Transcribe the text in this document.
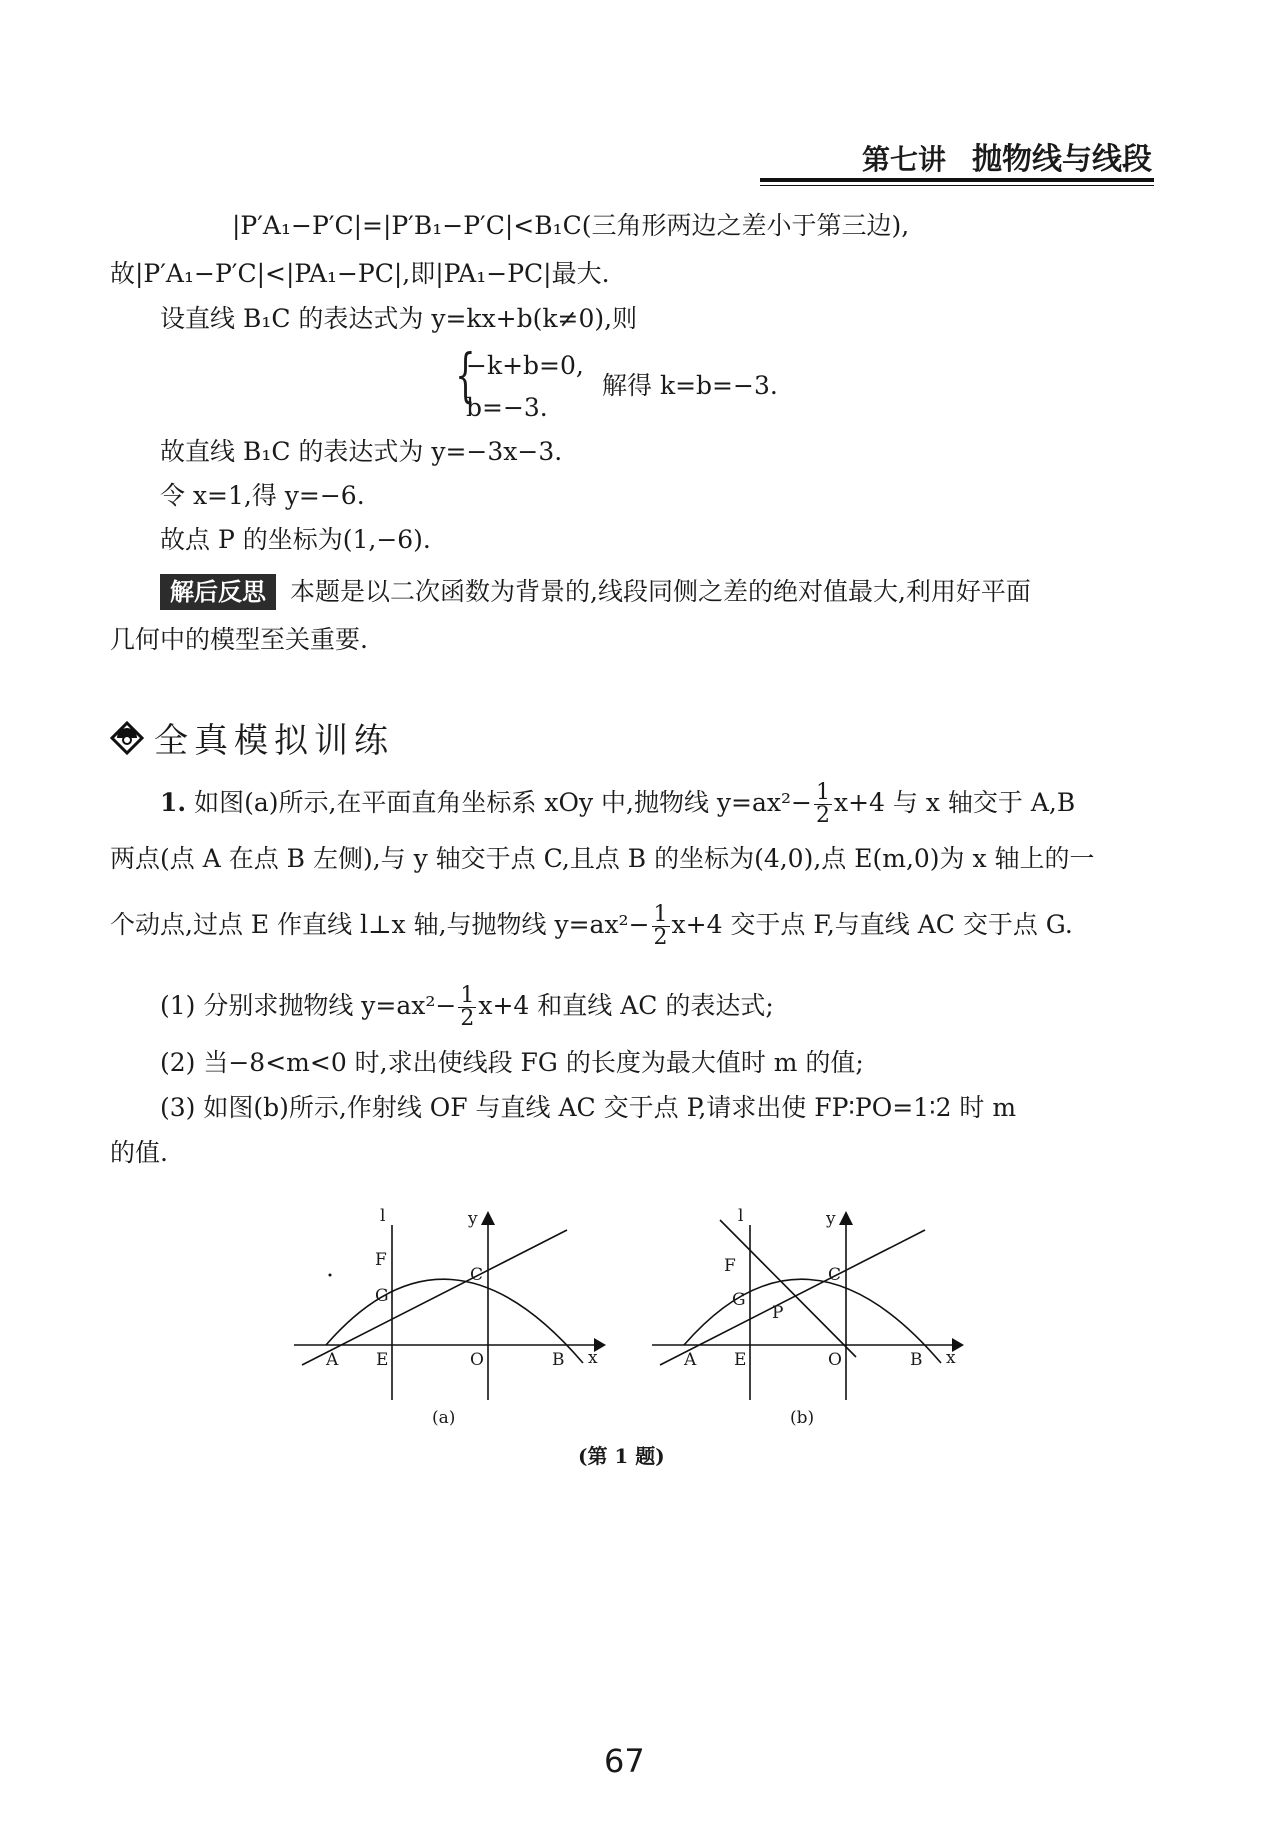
第七讲 抛物线与线段
|P′A₁−P′C|=|P′B₁−P′C|<B₁C(三角形两边之差小于第三边),
故|P′A₁−P′C|<|PA₁−PC|,即|PA₁−PC|最大.
设直线 B₁C 的表达式为 y=kx+b(k≠0),则
{
−k+b=0,
b=−3.
解得 k=b=−3.
故直线 B₁C 的表达式为 y=−3x−3.
令 x=1,得 y=−6.
故点 P 的坐标为(1,−6).
解后反思 本题是以二次函数为背景的,线段同侧之差的绝对值最大,利用好平面
几何中的模型至关重要.
全真模拟训练
1. 如图(a)所示,在平面直角坐标系 xOy 中,抛物线 $y=ax^2- \frac{1}{2} x+4$ 与 x 轴交于 A,B
两点(点 A 在点 B 左侧),与 y 轴交于点 C,且点 B 的坐标为(4,0),点 E(m,0)为 x 轴上的一
个动点,过点 E 作直线 l⊥x 轴,与抛物线 $y=ax^2- \frac{1}{2} x+4$ 交于点 F,与直线 AC 交于点 G.
(1) 分别求抛物线 $y=ax^2- \frac{1}{2} x+4$ 和直线 AC 的表达式;
(2) 当−8<m<0 时,求出使线段 FG 的长度为最大值时 m 的值;
(3) 如图(b)所示,作射线 OF 与直线 AC 交于点 P,请求出使 FP∶PO=1∶2 时 m
的值.
l	y
F
G
C
A E	O	B x
(a)
l	y
F
G
P
C
A E	O	B x
(b)
(第 1 题)
67
